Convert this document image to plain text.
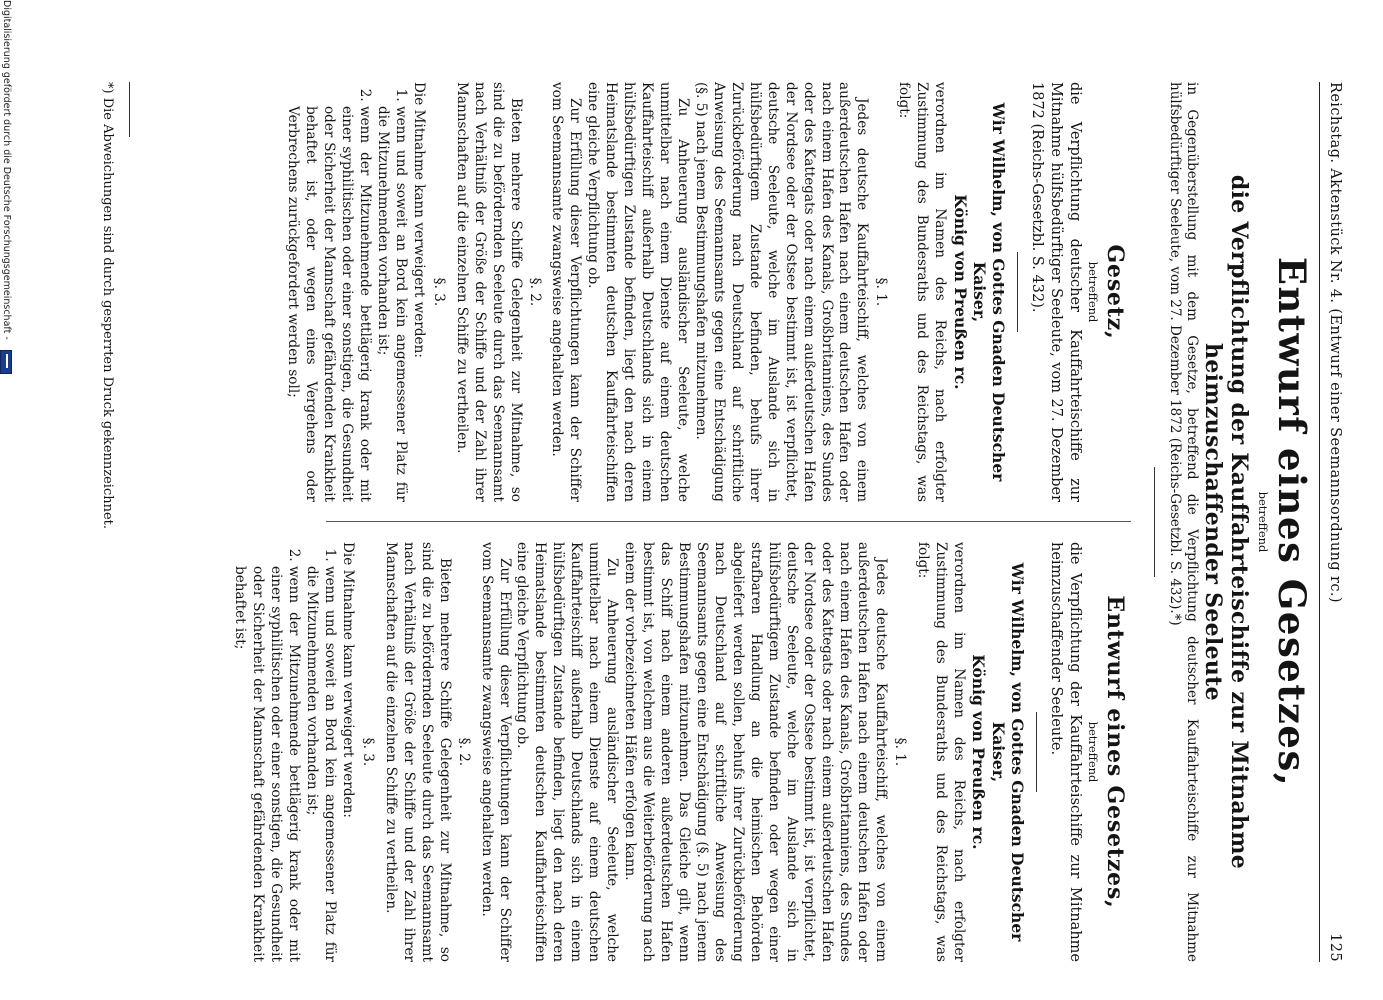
Digitalisierung gefördert durch die Deutsche Forschungsgemeinschaft -	Reichstag. Aktenstück Nr. 4. (Entwurf einer Seemannsordnung rc.)
125
Entwurf eines Gesetzes,
betreffend
die Verpflichtung der Kauffahrteischiffe zur Mitnahme heimzuschaffender Seeleute
in Gegenüberstellung mit dem Gesetze, betreffend die Verpflichtung deutscher Kauffahrteischiffe zur Mitnahme hülfsbedürftiger Seeleute, vom 27. Dezember 1872 (Reichs-Gesetzbl. S. 432).*)
Gesetz,
betreffend
die Verpflichtung deutscher Kauffahrteischiffe zur Mitnahme hülfsbedürftiger Seeleute, vom 27. Dezember 1872 (Reichs-Gesetzbl. S. 432).
Wir Wilhelm, von Gottes Gnaden Deutscher Kaiser,
König von Preußen rc.
verordnen im Namen des Reichs, nach erfolgter Zustimmung des Bundesraths und des Reichstags, was folgt:
§. 1.

Jedes deutsche Kauffahrteischiff, welches von einem außerdeutschen Hafen nach einem deutschen Hafen oder nach einem Hafen des Kanals, Großbritanniens, des Sundes oder des Kattegats oder nach einem außerdeutschen Hafen der Nordsee oder der Ostsee bestimmt ist, ist verpflichtet, deutsche Seeleute, welche im Auslande sich in hülfsbedürftigem Zustande befinden, behufs ihrer Zurückbeförderung nach Deutschland auf schriftliche Anweisung des Seemannsamts gegen eine Entschädigung (§. 5) nach jenem Bestimmungshafen mitzunehmen.

Zu Anheuerung ausländischer Seeleute, welche unmittelbar nach einem Dienste auf einem deutschen Kauffahrteischiff außerhalb Deutschlands sich in einem hülfsbedürftigen Zustande befinden, liegt den nach deren Heimatslande bestimmten deutschen Kauffahrteischiffen eine gleiche Verpflichtung ob.

Zur Erfüllung dieser Verpflichtungen kann der Schiffer vom Seemannsamte zwangsweise angehalten werden.

§. 2.

Bieten mehrere Schiffe Gelegenheit zur Mitnahme, so sind die zu befördernden Seeleute durch das Seemannsamt nach Verhältniß der Größe der Schiffe und der Zahl ihrer Mannschaften auf die einzelnen Schiffe zu vertheilen.

§. 3.
Die Mitnahme kann verweigert werden:
1. wenn und soweit an Bord kein angemessener Platz für die Mitzunehmenden vorhanden ist;
2. wenn der Mitzunehmende bettlägerig krank oder mit einer syphilitischen oder einer sonstigen, die Gesundheit oder Sicherheit der Mannschaft gefährdenden Krankheit behaftet ist, oder wegen eines Vergehens oder Verbrechens zurückgefordert werden soll;
Entwurf eines Gesetzes,
betreffend
die Verpflichtung der Kauffahrteischiffe zur Mitnahme heimzuschaffender Seeleute.
Wir Wilhelm, von Gottes Gnaden Deutscher Kaiser,
König von Preußen rc.
verordnen im Namen des Reichs, nach erfolgter Zustimmung des Bundesraths und des Reichstags, was folgt:
§. 1.

Jedes deutsche Kauffahrteischiff, welches von einem außerdeutschen Hafen nach einem deutschen Hafen oder nach einem Hafen des Kanals, Großbritanniens, des Sundes oder des Kattegats oder nach einem außerdeutschen Hafen der Nordsee oder der Ostsee bestimmt ist, ist verpflichtet, deutsche Seeleute, welche im Auslande sich in hülfsbedürftigem Zustande befinden oder wegen einer strafbaren Handlung an die heimischen Behörden abgeliefert werden sollen, behufs ihrer Zurückbeförderung nach Deutschland auf schriftliche Anweisung des Seemannsamts gegen eine Entschädigung (§. 5) nach jenem Bestimmungshafen mitzunehmen. Das Gleiche gilt, wenn das Schiff nach einem anderen außerdeutschen Hafen bestimmt ist, von welchem aus die Weiterbeförderung nach einem der vorbezeichneten Häfen erfolgen kann.

Zu Anheuerung ausländischer Seeleute, welche unmittelbar nach einem Dienste auf einem deutschen Kauffahrteischiff außerhalb Deutschlands sich in einem hülfsbedürftigen Zustande befinden, liegt den nach deren Heimatslande bestimmten deutschen Kauffahrteischiffen eine gleiche Verpflichtung ob.

Zur Erfüllung dieser Verpflichtungen kann der Schiffer vom Seemannsamte zwangsweise angehalten werden.

§. 2.

Bieten mehrere Schiffe Gelegenheit zur Mitnahme, so sind die zu befördernden Seeleute durch das Seemannsamt nach Verhältniß der Größe der Schiffe und der Zahl ihrer Mannschaften auf die einzelnen Schiffe zu vertheilen.

§. 3.
Die Mitnahme kann verweigert werden:
1. wenn und soweit an Bord kein angemessener Platz für die Mitzunehmenden vorhanden ist;
2. wenn der Mitzunehmende bettlägerig krank oder mit einer syphilitischen oder einer sonstigen, die Gesundheit oder Sicherheit der Mannschaft gefährdenden Krankheit behaftet ist;
*) Die Abweichungen sind durch gesperrten Druck gekennzeichnet.
